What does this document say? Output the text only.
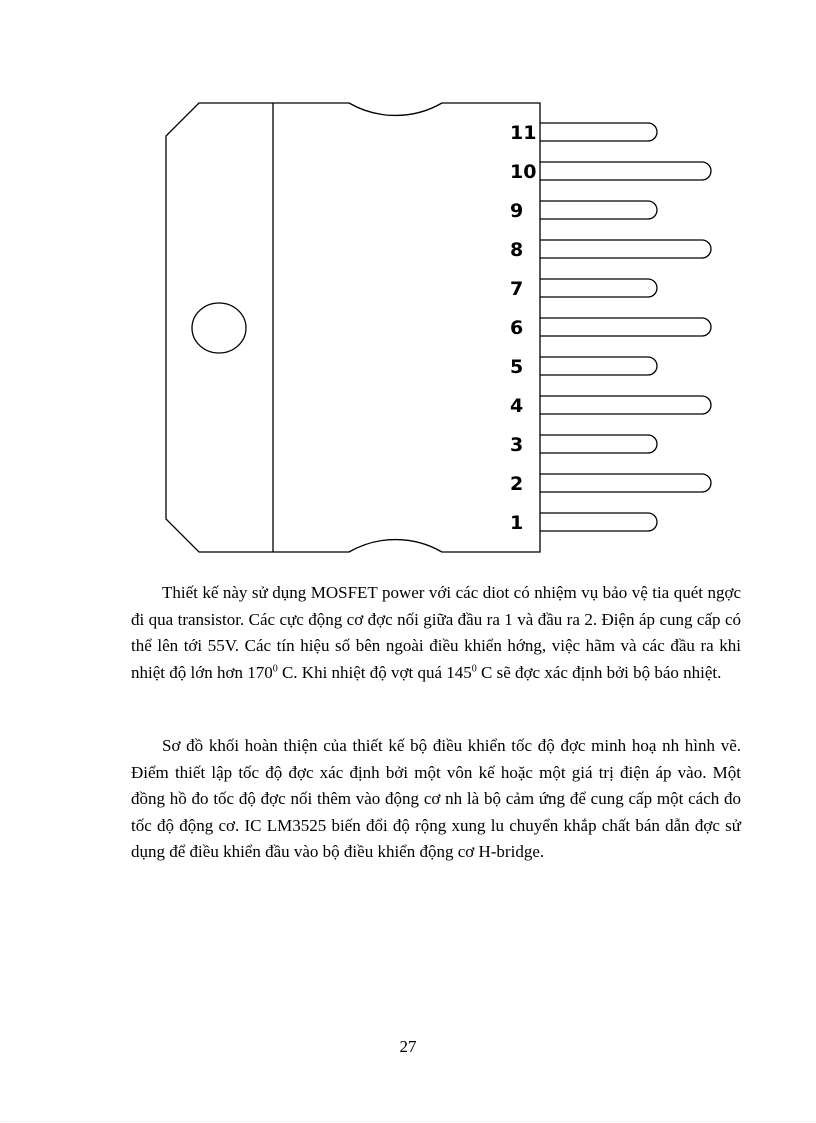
11
10
9
8
7
6
5
4
3
2
1

Thiết kế này sử dụng MOSFET power với các diot có nhiệm vụ bảo vệ tia quét ngợc đi qua transistor. Các cực động cơ đợc nối giữa đầu ra 1 và đầu ra 2. Điện áp cung cấp có thể lên tới 55V. Các tín hiệu số bên ngoài điều khiển hớng, việc hãm và các đầu ra khi nhiệt độ lớn hơn $170^0$ C. Khi nhiệt độ vợt quá $145^0$ C sẽ đợc xác định bởi bộ báo nhiệt.

Sơ đồ khối hoàn thiện của thiết kế bộ điều khiển tốc độ đợc minh hoạ nh hình vẽ. Điểm thiết lập tốc độ đợc xác định bởi một vôn kế hoặc một giá trị điện áp vào. Một đồng hồ đo tốc độ đợc nối thêm vào động cơ nh là bộ cảm ứng để cung cấp một cách đo tốc độ động cơ. IC LM3525 biến đổi độ rộng xung lu chuyển khắp chất bán dẫn đợc sử dụng để điều khiển đầu vào bộ điều khiển động cơ H-bridge.

27
